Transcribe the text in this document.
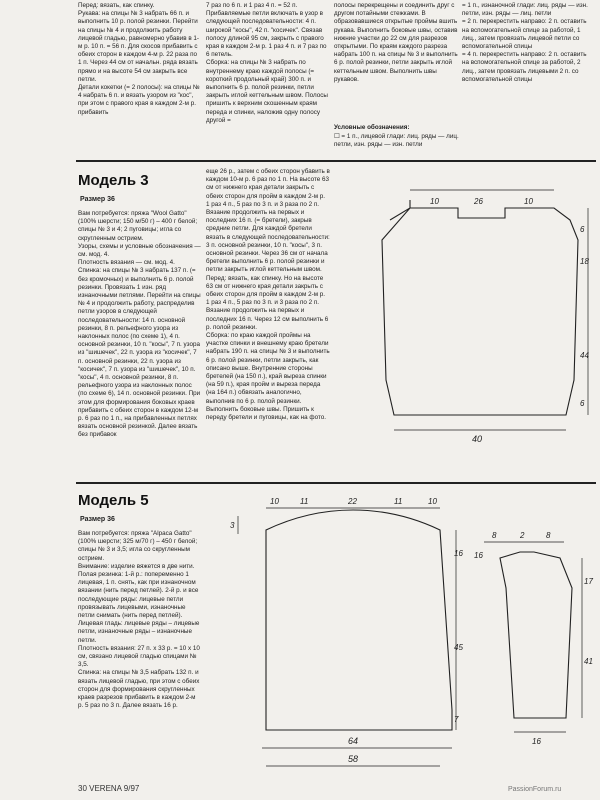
Перед: вязать, как спинку.
Рукава: на спицы № 3 набрать 66 п. и выполнить 10 р. полой резинки. Перейти на спицы № 4 и продолжить работу лицевой гладью, равномерно убавив в 1-м р. 10 п. = 56 п. Для скосов прибавить с обеих сторон в каждом 4-м р. 22 раза по 1 п. Через 44 см от начальн. ряда вязать прямо и на высоте 54 см закрыть все петли.
Детали кокетки (= 2 полосы): на спицы № 4 набрать 6 п. и вязать узором из "кос", при этом с правого края в каждом 2-м р. прибавить
7 раз по 6 п. и 1 раз 4 п. = 52 п. Прибавляемые петли включать в узор в следующей последовательности: 4 п. широкой "косы", 42 п. "косичек". Связав полосу длиной 95 см, закрыть с правого края в каждом 2-м р. 1 раз 4 п. и 7 раз по 6 петель.
Сборка: на спицы № 3 набрать по внутреннему краю каждой полосы (= короткий продольный край) 300 п. и выполнить 6 р. полой резинки, петли закрыть иглой кеттельным швом. Полосы пришить к верхним скошенным краям переда и спинки, наложив одну полосу другой =
полосы перекрещены и соединить друг с другом потайными стежками. В образовавшиеся открытые проймы вшить рукава. Выполнить боковые швы, оставив нижние участки до 22 см для разрезов открытыми. По краям каждого разреза набрать 100 п. на спицы № 3 и выполнить 6 р. полой резинки, петли закрыть иглой кеттельным швом. Выполнить швы рукавов.
Условные обозначения:
☐ = 1 п., лицевой глади: лиц. ряды — лиц. петли, изн. ряды — изн. петли
= 1 п., изнаночной глади: лиц. ряды — изн. петли, изн. ряды — лиц. петли
= 2 п. перекрестить направо: 2 п. оставить на вспомогательной спице за работой, 1 лиц., затем провязать лицевой петли со вспомогательной спицы
= 4 п. перекрестить направо: 2 п. оставить на вспомогательной спице за работой, 2 лиц., затем провязать лицевыми 2 п. со вспомогательной спицы
Модель 3
Размер 36
Вам потребуется: пряжа "Wool Gatto" (100% шерсти; 150 м/50 г) – 400 г белой; спицы № 3 и 4; 2 пуговицы; игла со скругленным острием.
Узоры, схемы и условные обозначения — см. мод. 4.
Плотность вязания — см. мод. 4.
Спинка: на спицы № 3 набрать 137 п. (= без кромочных) и выполнить 6 р. полой резинки. Провязать 1 изн. ряд изнаночными петлями. Перейти на спицы № 4 и продолжить работу, распределив петли узоров в следующей последовательности: 14 п. основной резинки, 8 п. рельефного узора из наклонных полос (по схеме 1), 4 п. основной резинки, 10 п. "косы", 7 п. узора из "шишечек", 22 п. узора из "косичек", 7 п. основной резинки, 22 п. узора из "косичек", 7 п. узора из "шишечек", 10 п. "косы", 4 п. основной резинки, 8 п. рельефного узора из наклонных полос (по схеме 6), 14 п. основной резинки. При этом для формирования боковых краев прибавить с обеих сторон в каждом 12-м р. 6 раз по 1 п., на прибавленных петлях вязать основной резинкой. Далее вязать без прибавок
еще 26 р., затем с обеих сторон убавить в каждом 10-м р. 6 раз по 1 п. На высоте 63 см от нижнего края детали закрыть с обеих сторон для пройм в каждом 2-м р. 1 раз 4 п., 5 раз по 3 п. и 3 раза по 2 п. Вязание продолжить на первых и последних 16 п. (= бретели), закрыв средние петли. Для каждой бретели вязать в следующей последовательности: 3 п. основной резинки, 10 п. "косы", 3 п. основной резинки. Через 36 см от начала бретели выполнить 6 р. полой резинки и петли закрыть иглой кеттельным швом.
Перед: вязать, как спинку. Но на высоте 63 см от нижнего края детали закрыть с обеих сторон для пройм в каждом 2-м р. 1 раз 4 п., 5 раз по 3 п. и 3 раза по 2 п. Вязание продолжить на первых и последних 16 п. Через 12 см выполнить 6 р. полой резинки.
Сборка: по краю каждой проймы на участке спинки и внешнему краю бретели набрать 190 п. на спицы № 3 и выполнить 6 р. полой резинки, петли закрыть, как описано выше. Внутренние стороны бретелей (на 150 п.), край выреза спинки (на 59 п.), края пройм и выреза переда (на 164 п.) обвязать аналогично, выполнив по 6 р. полой резинки. Выполнить боковые швы. Пришить к переду бретели и пуговицы, как на фото.
10	26	10
6
18
44
6
40
Модель 5
Размер 36
Вам потребуется: пряжа "Alpaca Gatto" (100% шерсти; 325 м/70 г) – 450 г белой; спицы № 3 и 3,5; игла со скругленным острием.
Внимание: изделие вяжется в две нити.
Полая резинка: 1-й р.: попеременно 1 лицевая, 1 п. снять, как при изнаночном вязании (нить перед петлей). 2-й р. и все последующие ряды: лицевые петли провязывать лицевыми, изнаночные петли снимать (нить перед петлей).
Лицевая гладь: лицевые ряды – лицевые петли, изнаночные ряды – изнаночные петли.
Плотность вязания: 27 п. x 33 р. = 10 x 10 см, связано лицевой гладью спицами № 3,5.
Спинка: на спицы № 3,5 набрать 132 п. и вязать лицевой гладью, при этом с обеих сторон для формирования скругленных краев разрезов прибавить в каждом 2-м р. 5 раз по 3 п. Далее вязать 16 р.
10	11	22	11	10
3
64
58
16
45
7
8	2	8
16
17
41
16
30 VERENA 9/97	PassionForum.ru
